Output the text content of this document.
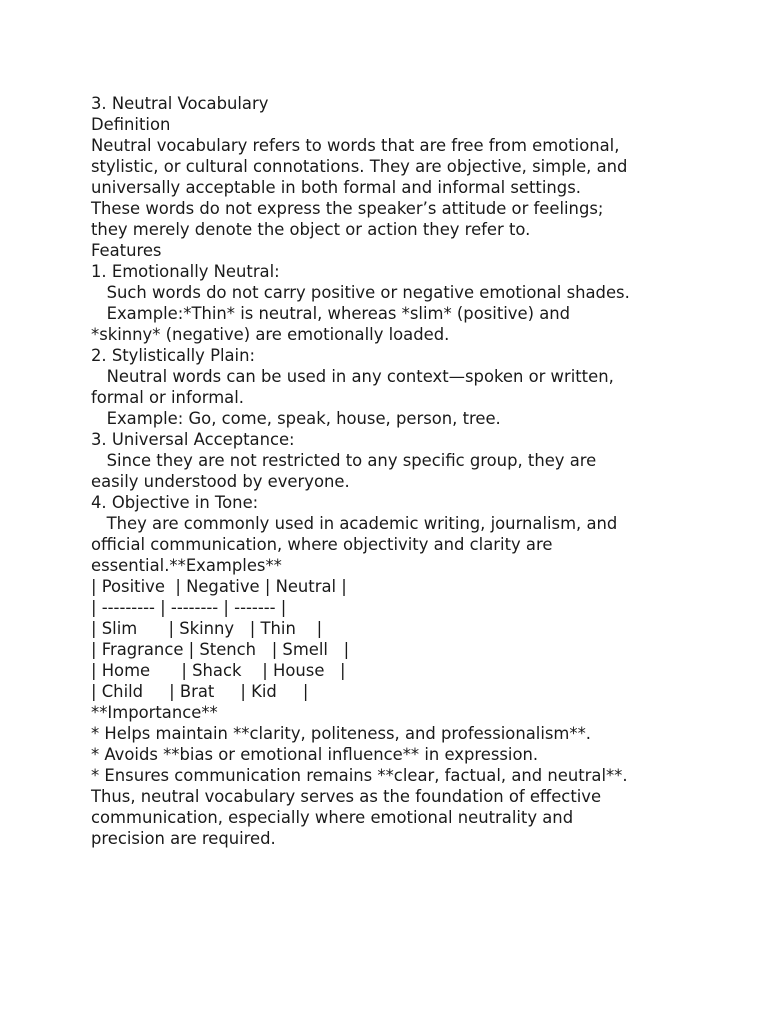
3. Neutral Vocabulary
Definition
Neutral vocabulary refers to words that are free from emotional,
stylistic, or cultural connotations. They are objective, simple, and
universally acceptable in both formal and informal settings.
These words do not express the speaker’s attitude or feelings;
they merely denote the object or action they refer to.
Features
1. Emotionally Neutral:
Such words do not carry positive or negative emotional shades.
Example:*Thin* is neutral, whereas *slim* (positive) and
*skinny* (negative) are emotionally loaded.
2. Stylistically Plain:
Neutral words can be used in any context—spoken or written,
formal or informal.
Example: Go, come, speak, house, person, tree.
3. Universal Acceptance:
Since they are not restricted to any specific group, they are
easily understood by everyone.
4. Objective in Tone:
They are commonly used in academic writing, journalism, and
official communication, where objectivity and clarity are
essential.**Examples**
| Positive  | Negative | Neutral |
| --------- | -------- | ------- |
| Slim      | Skinny   | Thin    |
| Fragrance | Stench   | Smell   |
| Home      | Shack    | House   |
| Child     | Brat     | Kid     |
**Importance**
* Helps maintain **clarity, politeness, and professionalism**.
* Avoids **bias or emotional influence** in expression.
* Ensures communication remains **clear, factual, and neutral**.
Thus, neutral vocabulary serves as the foundation of effective
communication, especially where emotional neutrality and
precision are required.
